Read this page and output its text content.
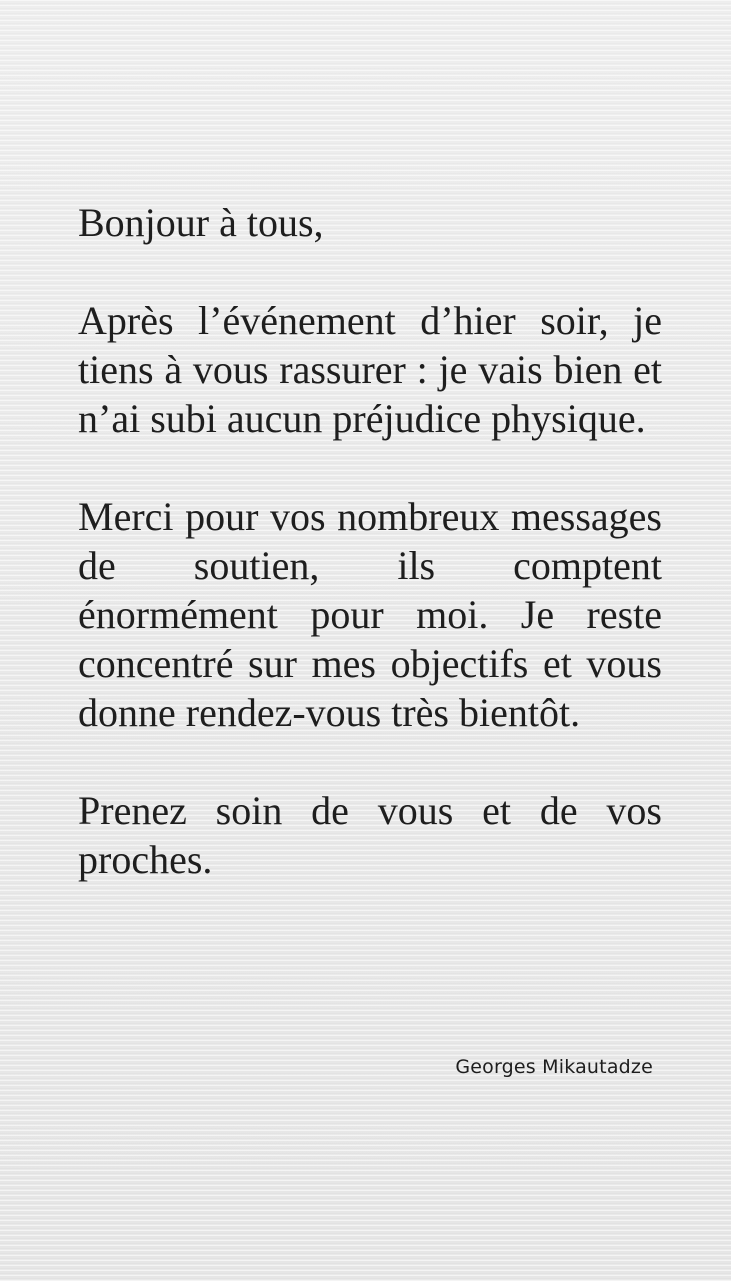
Bonjour à tous,

Après l’événement d’hier soir, je tiens à vous rassurer : je vais bien et n’ai subi aucun préjudice physique.

Merci pour vos nombreux messages de soutien, ils comptent énormément pour moi. Je reste concentré sur mes objectifs et vous donne rendez-vous très bientôt.

Prenez soin de vous et de vos proches.

Georges Mikautadze
